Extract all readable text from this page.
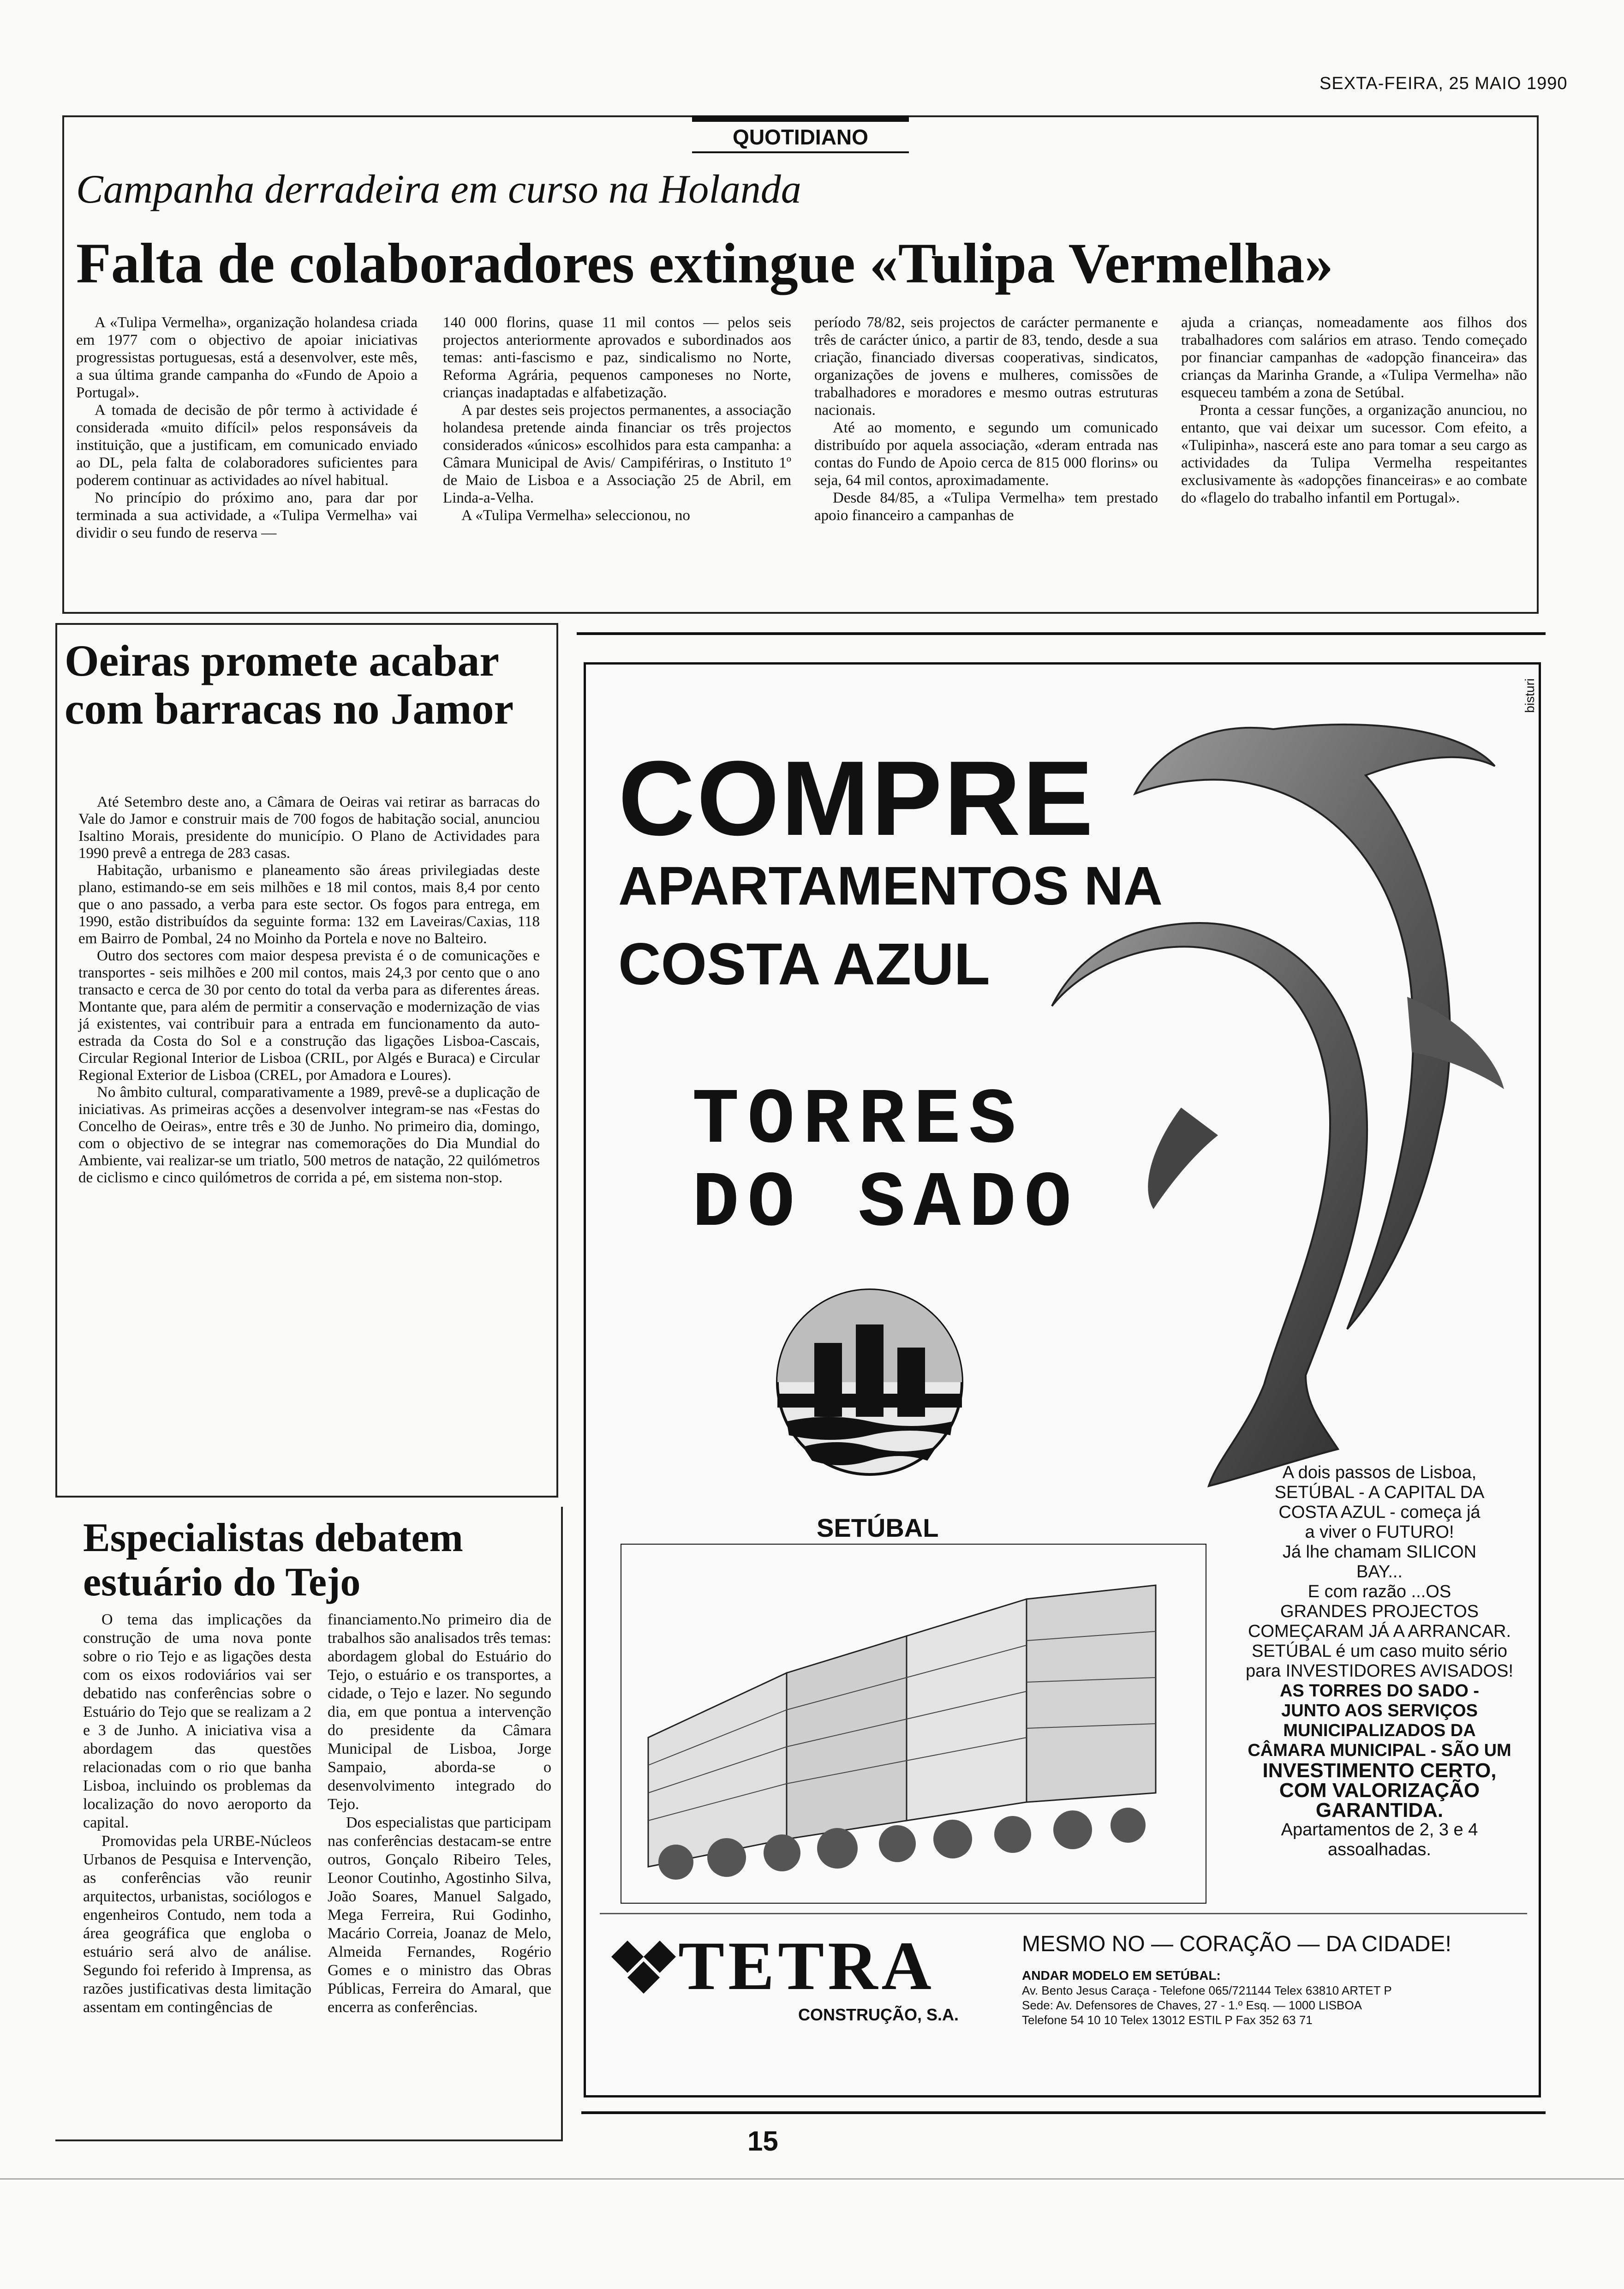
SEXTA-FEIRA, 25 MAIO 1990
QUOTIDIANO
Campanha derradeira em curso na Holanda
Falta de colaboradores extingue «Tulipa Vermelha»

A «Tulipa Vermelha», organização holandesa criada em 1977 com o objectivo de apoiar iniciativas progressistas portuguesas, está a desenvolver, este mês, a sua última grande campanha do «Fundo de Apoio a Portugal».

A tomada de decisão de pôr termo à actividade é considerada «muito difícil» pelos responsáveis da instituição, que a justificam, em comunicado enviado ao DL, pela falta de colaboradores suficientes para poderem continuar as actividades ao nível habitual.

No princípio do próximo ano, para dar por terminada a sua actividade, a «Tulipa Vermelha» vai dividir o seu fundo de reserva —

140 000 florins, quase 11 mil contos — pelos seis projectos anteriormente aprovados e subordinados aos temas: anti-fascismo e paz, sindicalismo no Norte, Reforma Agrária, pequenos camponeses no Norte, crianças inadaptadas e alfabetização.

A par destes seis projectos permanentes, a associação holandesa pretende ainda financiar os três projectos considerados «únicos» escolhidos para esta campanha: a Câmara Municipal de Avis/ Campifériras, o Instituto 1º de Maio de Lisboa e a Associação 25 de Abril, em Linda-a-Velha.

A «Tulipa Vermelha» seleccionou, no

período 78/82, seis projectos de carácter permanente e três de carácter único, a partir de 83, tendo, desde a sua criação, financiado diversas cooperativas, sindicatos, organizações de jovens e mulheres, comissões de trabalhadores e moradores e mesmo outras estruturas nacionais.

Até ao momento, e segundo um comunicado distribuído por aquela associação, «deram entrada nas contas do Fundo de Apoio cerca de 815 000 florins» ou seja, 64 mil contos, aproximadamente.

Desde 84/85, a «Tulipa Vermelha» tem prestado apoio financeiro a campanhas de

ajuda a crianças, nomeadamente aos filhos dos trabalhadores com salários em atraso. Tendo começado por financiar campanhas de «adopção financeira» das crianças da Marinha Grande, a «Tulipa Vermelha» não esqueceu também a zona de Setúbal.

Pronta a cessar funções, a organização anunciou, no entanto, que vai deixar um sucessor. Com efeito, a «Tulipinha», nascerá este ano para tomar a seu cargo as actividades da Tulipa Vermelha respeitantes exclusivamente às «adopções financeiras» e ao combate do «flagelo do trabalho infantil em Portugal».

Oeiras promete acabar com barracas no Jamor

Até Setembro deste ano, a Câmara de Oeiras vai retirar as barracas do Vale do Jamor e construir mais de 700 fogos de habitação social, anunciou Isaltino Morais, presidente do município. O Plano de Actividades para 1990 prevê a entrega de 283 casas.

Habitação, urbanismo e planeamento são áreas privilegiadas deste plano, estimando-se em seis milhões e 18 mil contos, mais 8,4 por cento que o ano passado, a verba para este sector. Os fogos para entrega, em 1990, estão distribuídos da seguinte forma: 132 em Laveiras/Caxias, 118 em Bairro de Pombal, 24 no Moinho da Portela e nove no Balteiro.

Outro dos sectores com maior despesa prevista é o de comunicações e transportes - seis milhões e 200 mil contos, mais 24,3 por cento que o ano transacto e cerca de 30 por cento do total da verba para as diferentes áreas. Montante que, para além de permitir a conservação e modernização de vias já existentes, vai contribuir para a entrada em funcionamento da auto-estrada da Costa do Sol e a construção das ligações Lisboa-Cascais, Circular Regional Interior de Lisboa (CRIL, por Algés e Buraca) e Circular Regional Exterior de Lisboa (CREL, por Amadora e Loures).

No âmbito cultural, comparativamente a 1989, prevê-se a duplicação de iniciativas. As primeiras acções a desenvolver integram-se nas «Festas do Concelho de Oeiras», entre três e 30 de Junho. No primeiro dia, domingo, com o objectivo de se integrar nas comemorações do Dia Mundial do Ambiente, vai realizar-se um triatlo, 500 metros de natação, 22 quilómetros de ciclismo e cinco quilómetros de corrida a pé, em sistema non-stop.

Especialistas debatem estuário do Tejo

O tema das implicações da construção de uma nova ponte sobre o rio Tejo e as ligações desta com os eixos rodoviários vai ser debatido nas conferências sobre o Estuário do Tejo que se realizam a 2 e 3 de Junho. A iniciativa visa a abordagem das questões relacionadas com o rio que banha Lisboa, incluindo os problemas da localização do novo aeroporto da capital.

Promovidas pela URBE-Núcleos Urbanos de Pesquisa e Intervenção, as conferências vão reunir arquitectos, urbanistas, sociólogos e engenheiros Contudo, nem toda a área geográfica que engloba o estuário será alvo de análise. Segundo foi referido à Imprensa, as razões justificativas desta limitação assentam em contingências de

financiamento.No primeiro dia de trabalhos são analisados três temas: abordagem global do Estuário do Tejo, o estuário e os transportes, a cidade, o Tejo e lazer. No segundo dia, em que pontua a intervenção do presidente da Câmara Municipal de Lisboa, Jorge Sampaio, aborda-se o desenvolvimento integrado do Tejo.

Dos especialistas que participam nas conferências destacam-se entre outros, Gonçalo Ribeiro Teles, Leonor Coutinho, Agostinho Silva, João Soares, Manuel Salgado, Mega Ferreira, Rui Godinho, Macário Correia, Joanaz de Melo, Almeida Fernandes, Rogério Gomes e o ministro das Obras Públicas, Ferreira do Amaral, que encerra as conferências.

bisturi
COMPRE
APARTAMENTOS NA
COSTA AZUL
TORRES
DO SADO
SETÚBAL
A dois passos de Lisboa,
SETÚBAL - A CAPITAL DA
COSTA AZUL - começa já
a viver o FUTURO!
Já lhe chamam SILICON
BAY...
E com razão ...OS
GRANDES PROJECTOS
COMEÇARAM JÁ A ARRANCAR.
SETÚBAL é um caso muito sério
para INVESTIDORES AVISADOS!
AS TORRES DO SADO -
JUNTO AOS SERVIÇOS
MUNICIPALIZADOS DA
CÂMARA MUNICIPAL - SÃO UM
INVESTIMENTO CERTO,
COM VALORIZAÇÃO
GARANTIDA.
Apartamentos de 2, 3 e 4
assoalhadas.
TETRA
CONSTRUÇÃO, S.A.
MESMO NO — CORAÇÃO — DA CIDADE!
ANDAR MODELO EM SETÚBAL:
Av. Bento Jesus Caraça - Telefone 065/721144 Telex 63810 ARTET P
Sede: Av. Defensores de Chaves, 27 - 1.º Esq. — 1000 LISBOA
Telefone 54 10 10 Telex 13012 ESTIL P Fax 352 63 71
15
